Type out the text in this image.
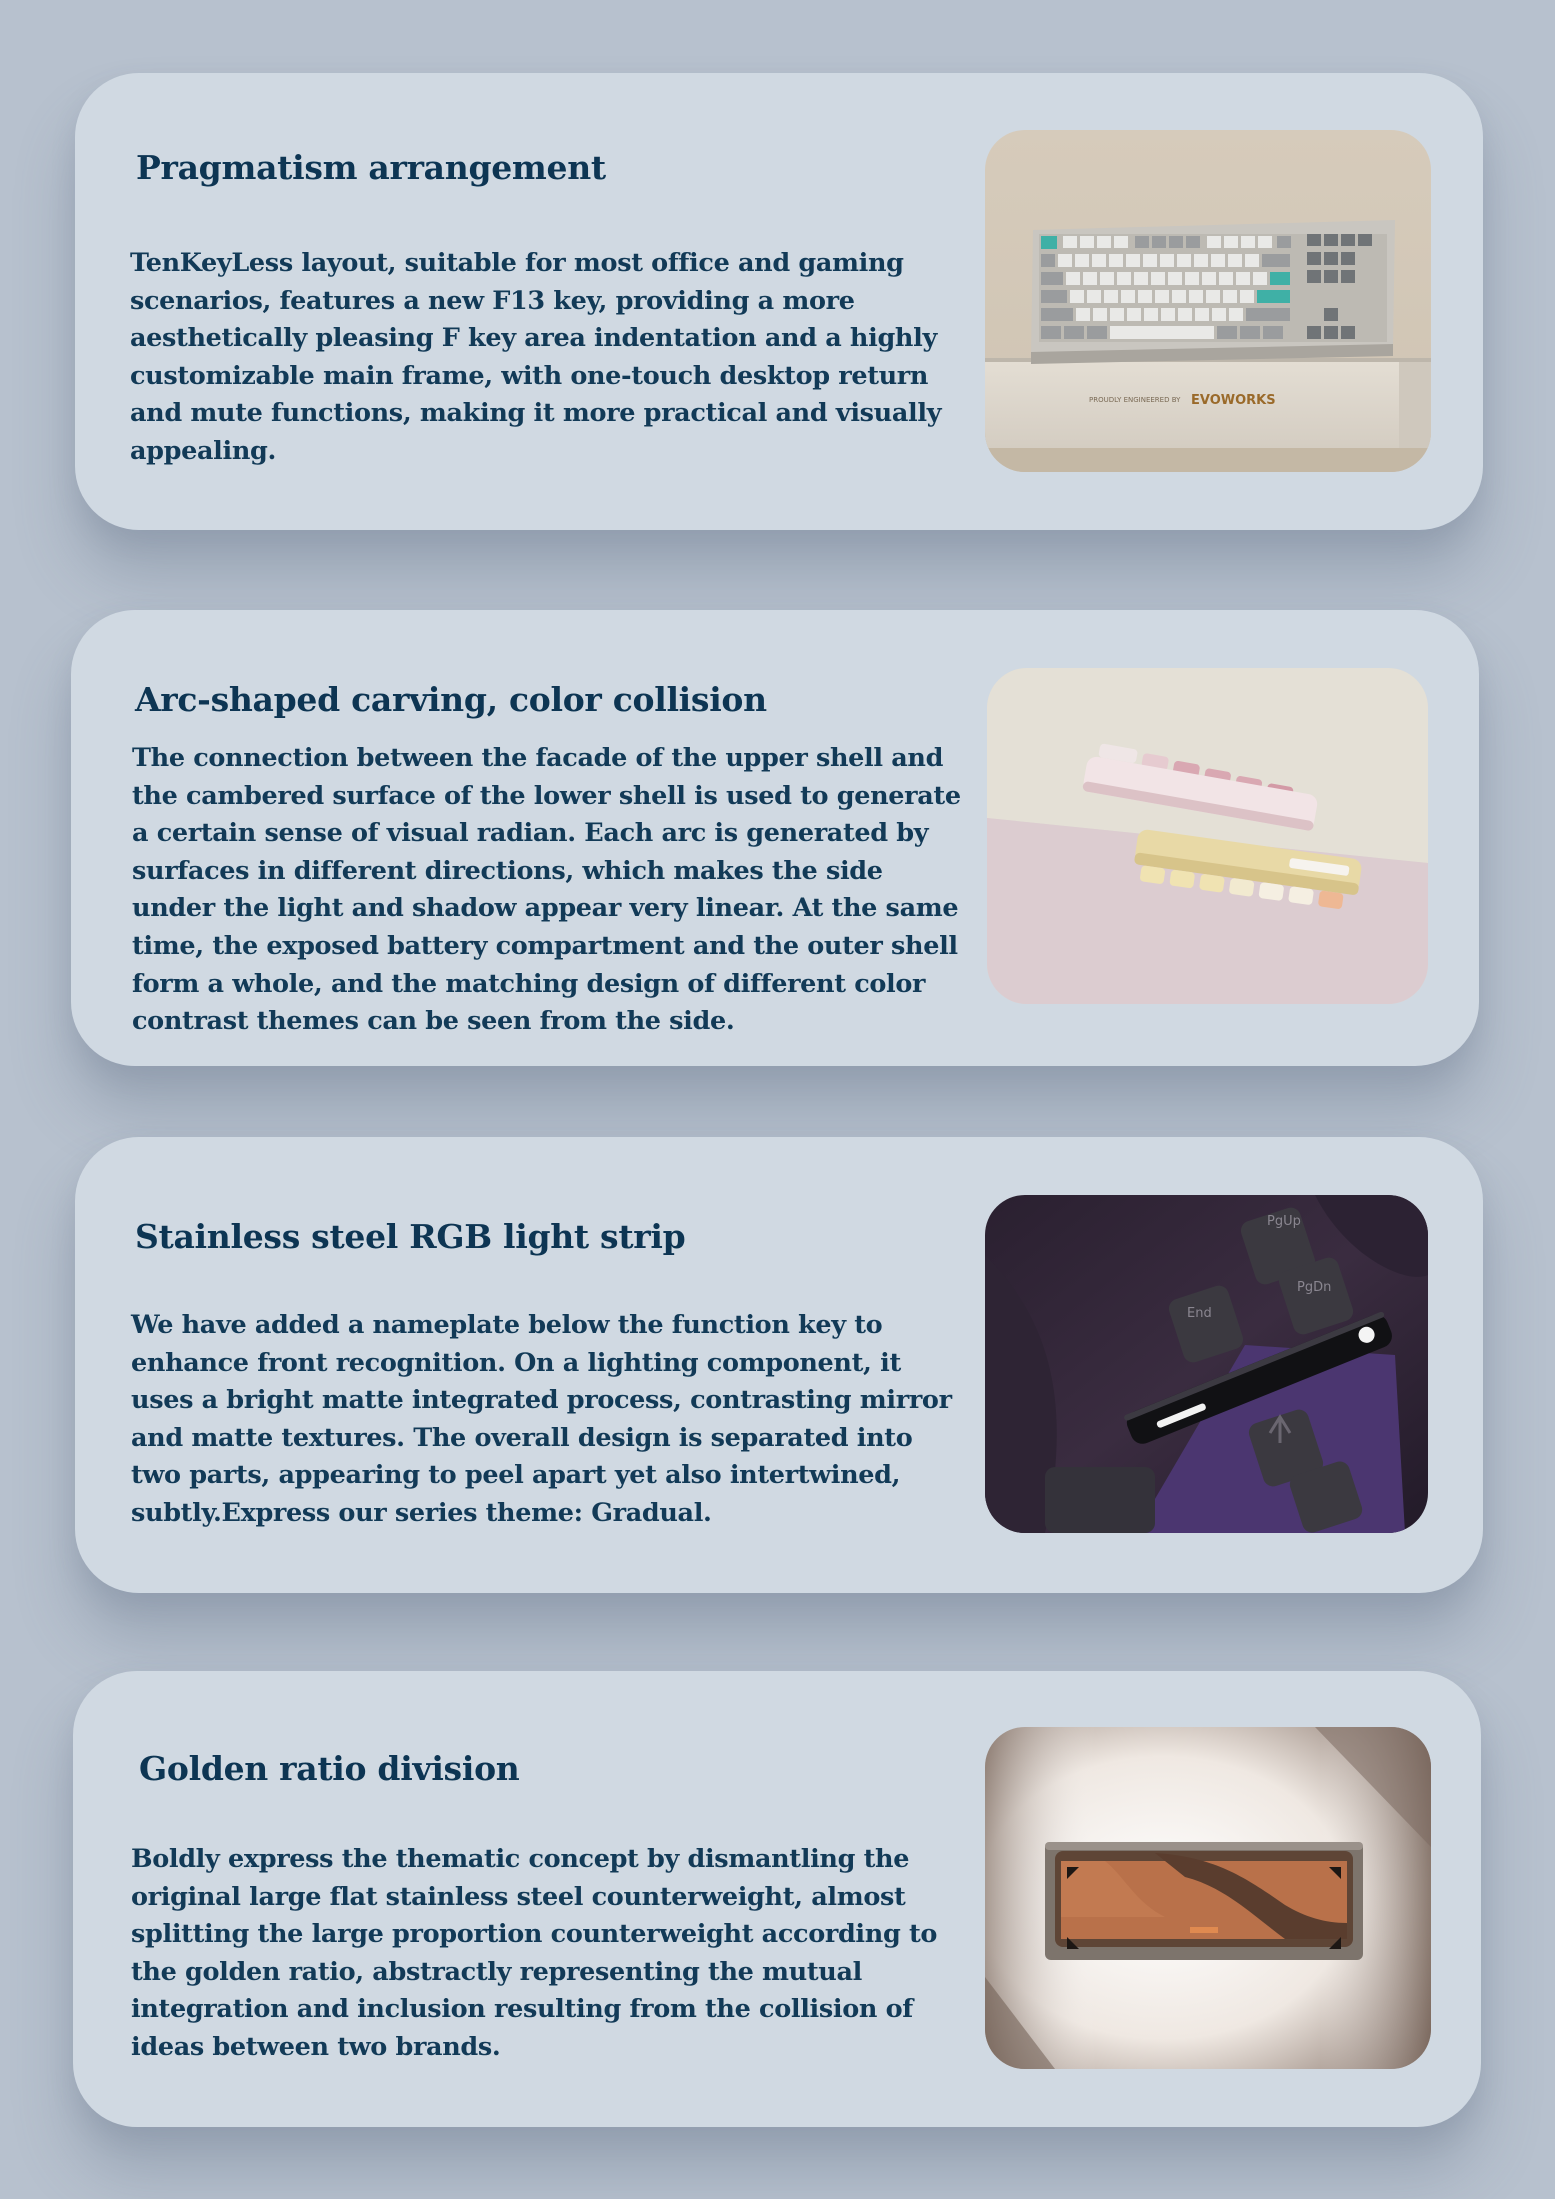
Pragmatism arrangement

TenKeyLess layout, suitable for most office and gaming scenarios, features a new F13 key, providing a more aesthetically pleasing F key area indentation and a highly customizable main frame, with one-touch desktop return and mute functions, making it more practical and visually appealing.

PROUDLY ENGINEERED BY EVOWORKS
Arc-shaped carving, color collision

The connection between the facade of the upper shell and the cambered surface of the lower shell is used to generate a certain sense of visual radian. Each arc is generated by surfaces in different directions, which makes the side under the light and shadow appear very linear. At the same time, the exposed battery compartment and the outer shell form a whole, and the matching design of different color contrast themes can be seen from the side.

Stainless steel RGB light strip

We have added a nameplate below the function key to enhance front recognition. On a lighting component, it uses a bright matte integrated process, contrasting mirror and matte textures. The overall design is separated into two parts, appearing to peel apart yet also intertwined, subtly.Express our series theme: Gradual.

PgUp
PgDn
End
Golden ratio division

Boldly express the thematic concept by dismantling the original large flat stainless steel counterweight, almost splitting the large proportion counterweight according to the golden ratio, abstractly representing the mutual integration and inclusion resulting from the collision of ideas between two brands.
